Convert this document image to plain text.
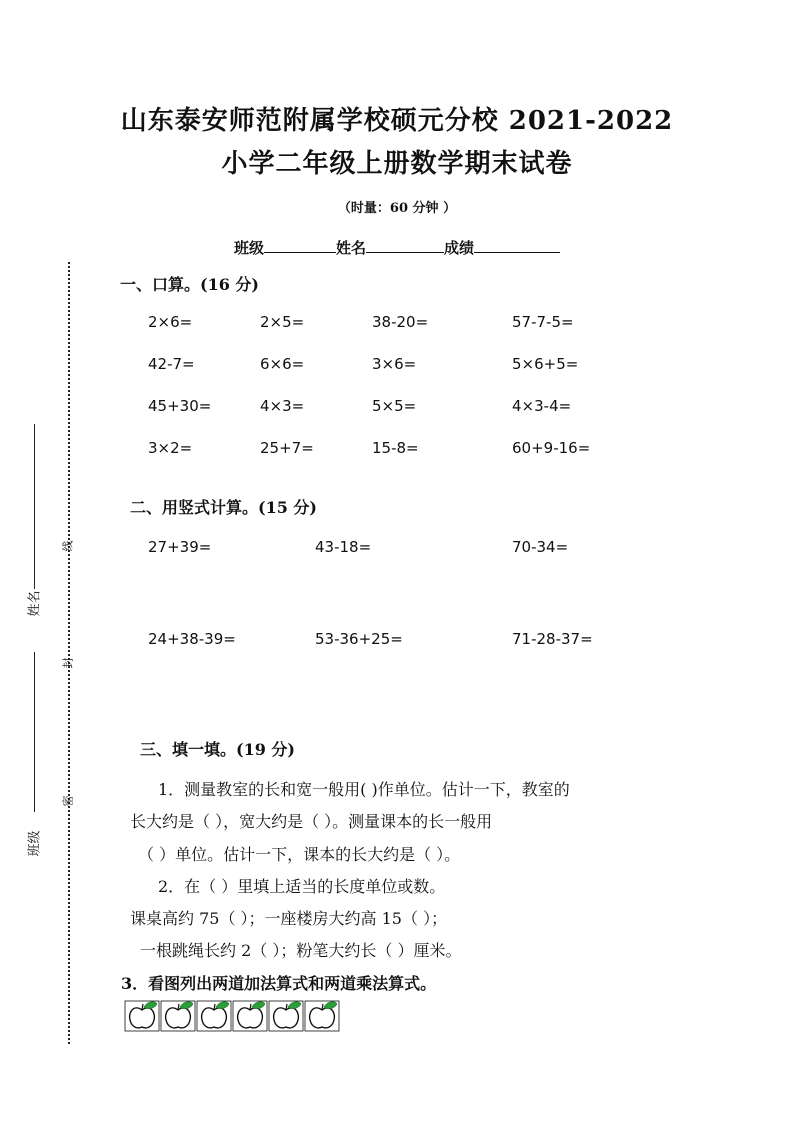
山东泰安师范附属学校硕元分校 2021-2022
小学二年级上册数学期末试卷
（时量：60 分钟 ）
班级	姓名	成绩
线
封
密
姓名
班级
一、口算。(16 分)
2×6=	2×5=	38-20=	57-7-5=
42-7=	6×6=	3×6=	5×6+5=
45+30=	4×3=	5×5=	4×3-4=
3×2=	25+7=	15-8=	60+9-16=
二、用竖式计算。(15 分)
27+39=	43-18=	70-34=
24+38-39=	53-36+25=	71-28-37=
三、填一填。(19 分)
1．测量教室的长和宽一般用( )作单位。估计一下，教室的
长大约是（ ），宽大约是（ ）。测量课本的长一般用
（ ）单位。估计一下，课本的长大约是（ ）。
2．在（ ）里填上适当的长度单位或数。
课桌高约 75（ ）；一座楼房大约高 15（ ）；
一根跳绳长约 2（ ）；粉笔大约长（ ）厘米。
3．看图列出两道加法算式和两道乘法算式。
